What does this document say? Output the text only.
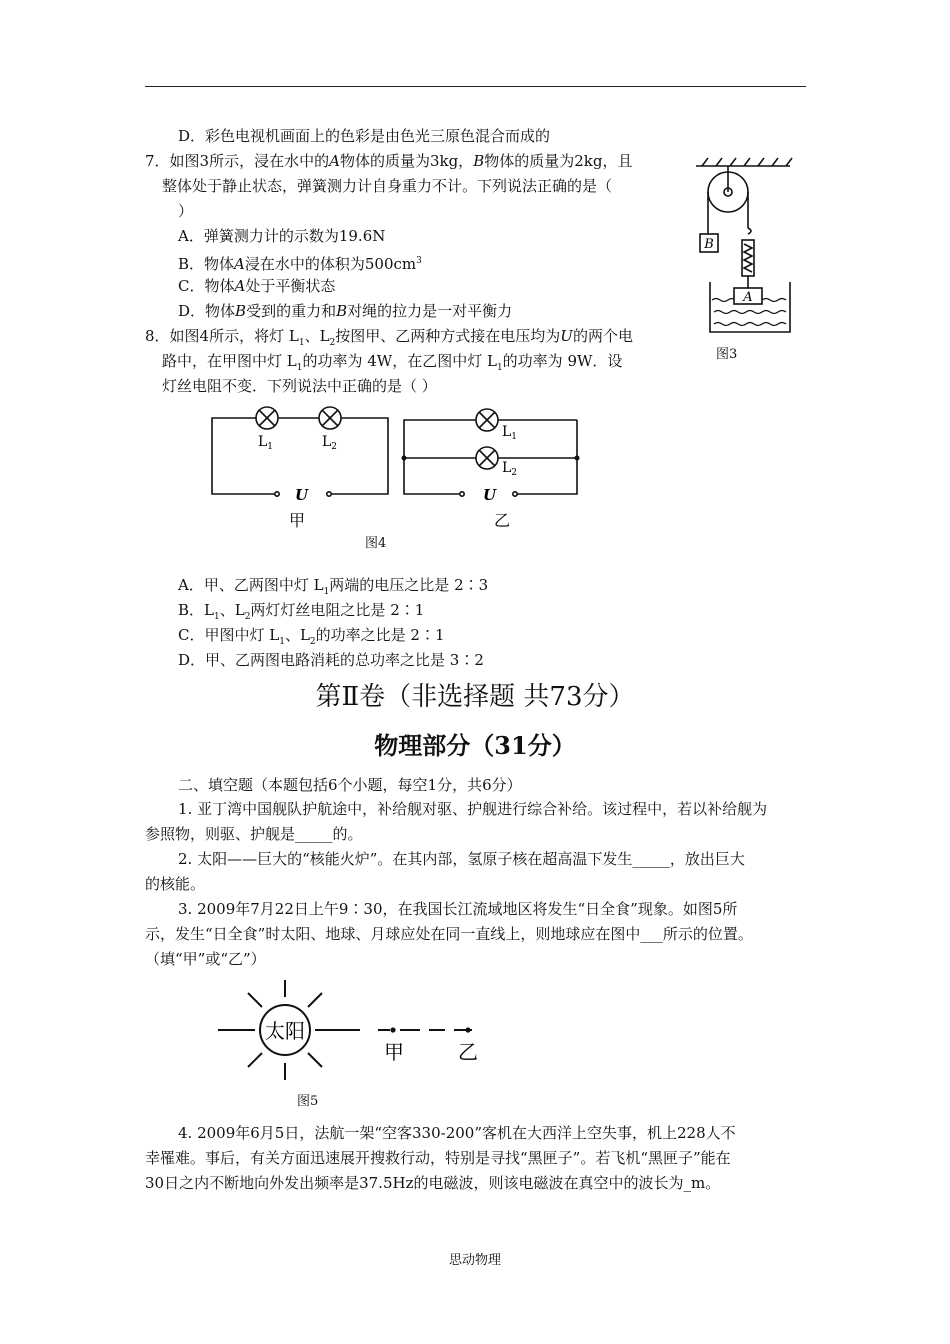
D．彩色电视机画面上的色彩是由色光三原色混合而成的
7．如图3所示，浸在水中的A物体的质量为3kg，B物体的质量为2kg，且
整体处于静止状态，弹簧测力计自身重力不计。下列说法正确的是（
）
A．弹簧测力计的示数为19.6N
B．物体A浸在水中的体积为$500cm^3$
C．物体A处于平衡状态
D．物体B受到的重力和B对绳的拉力是一对平衡力
B
A
图3
8．如图4所示，将灯 $L_1$、$L_2$按图甲、乙两种方式接在电压均为U的两个电
路中，在甲图中灯 $L_1$的功率为 4W，在乙图中灯 $L_1$的功率为 9W．设
灯丝电阻不变．下列说法中正确的是（ ）
$L_1$	$L_2$
$L_1$
$L_2$
U	U
甲	乙
图4
A．甲、乙两图中灯 $L_1$两端的电压之比是 2∶3
B．$L_1$、$L_2$两灯灯丝电阻之比是 2∶1
C．甲图中灯 $L_1$、$L_2$的功率之比是 2∶1
D．甲、乙两图电路消耗的总功率之比是 3∶2
第Ⅱ卷（非选择题 共73分）
物理部分（31分）
二、填空题（本题包括6个小题，每空1分，共6分）
1. 亚丁湾中国舰队护航途中，补给舰对驱、护舰进行综合补给。该过程中，若以补给舰为
参照物，则驱、护舰是_____的。
2. 太阳——巨大的“核能火炉”。在其内部，氢原子核在超高温下发生_____，放出巨大
的核能。
3. 2009年7月22日上午9∶30，在我国长江流域地区将发生“日全食”现象。如图5所
示，发生“日全食”时太阳、地球、月球应处在同一直线上，则地球应在图中___所示的位置。
（填“甲”或“乙”）
太阳
甲	乙
图5
4. 2009年6月5日，法航一架“空客330-200”客机在大西洋上空失事，机上228人不
幸罹难。事后，有关方面迅速展开搜救行动，特别是寻找“黑匣子”。若飞机“黑匣子”能在
30日之内不断地向外发出频率是37.5Hz的电磁波，则该电磁波在真空中的波长为_m。
思动物理
